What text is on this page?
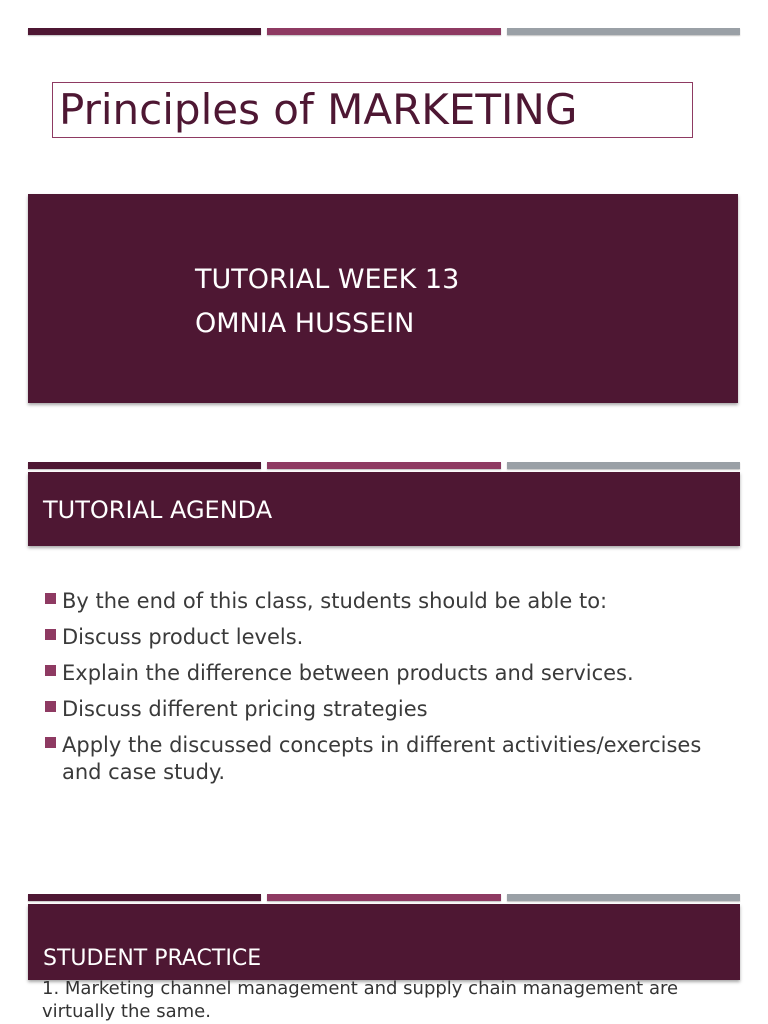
Principles of MARKETING
TUTORIAL WEEK 13
OMNIA HUSSEIN
TUTORIAL AGENDA
By the end of this class, students should be able to:
Discuss product levels.
Explain the difference between products and services.
Discuss different pricing strategies
Apply the discussed concepts in different activities/exercises and case study.
STUDENT PRACTICE
1. Marketing channel management and supply chain management are virtually the same.
